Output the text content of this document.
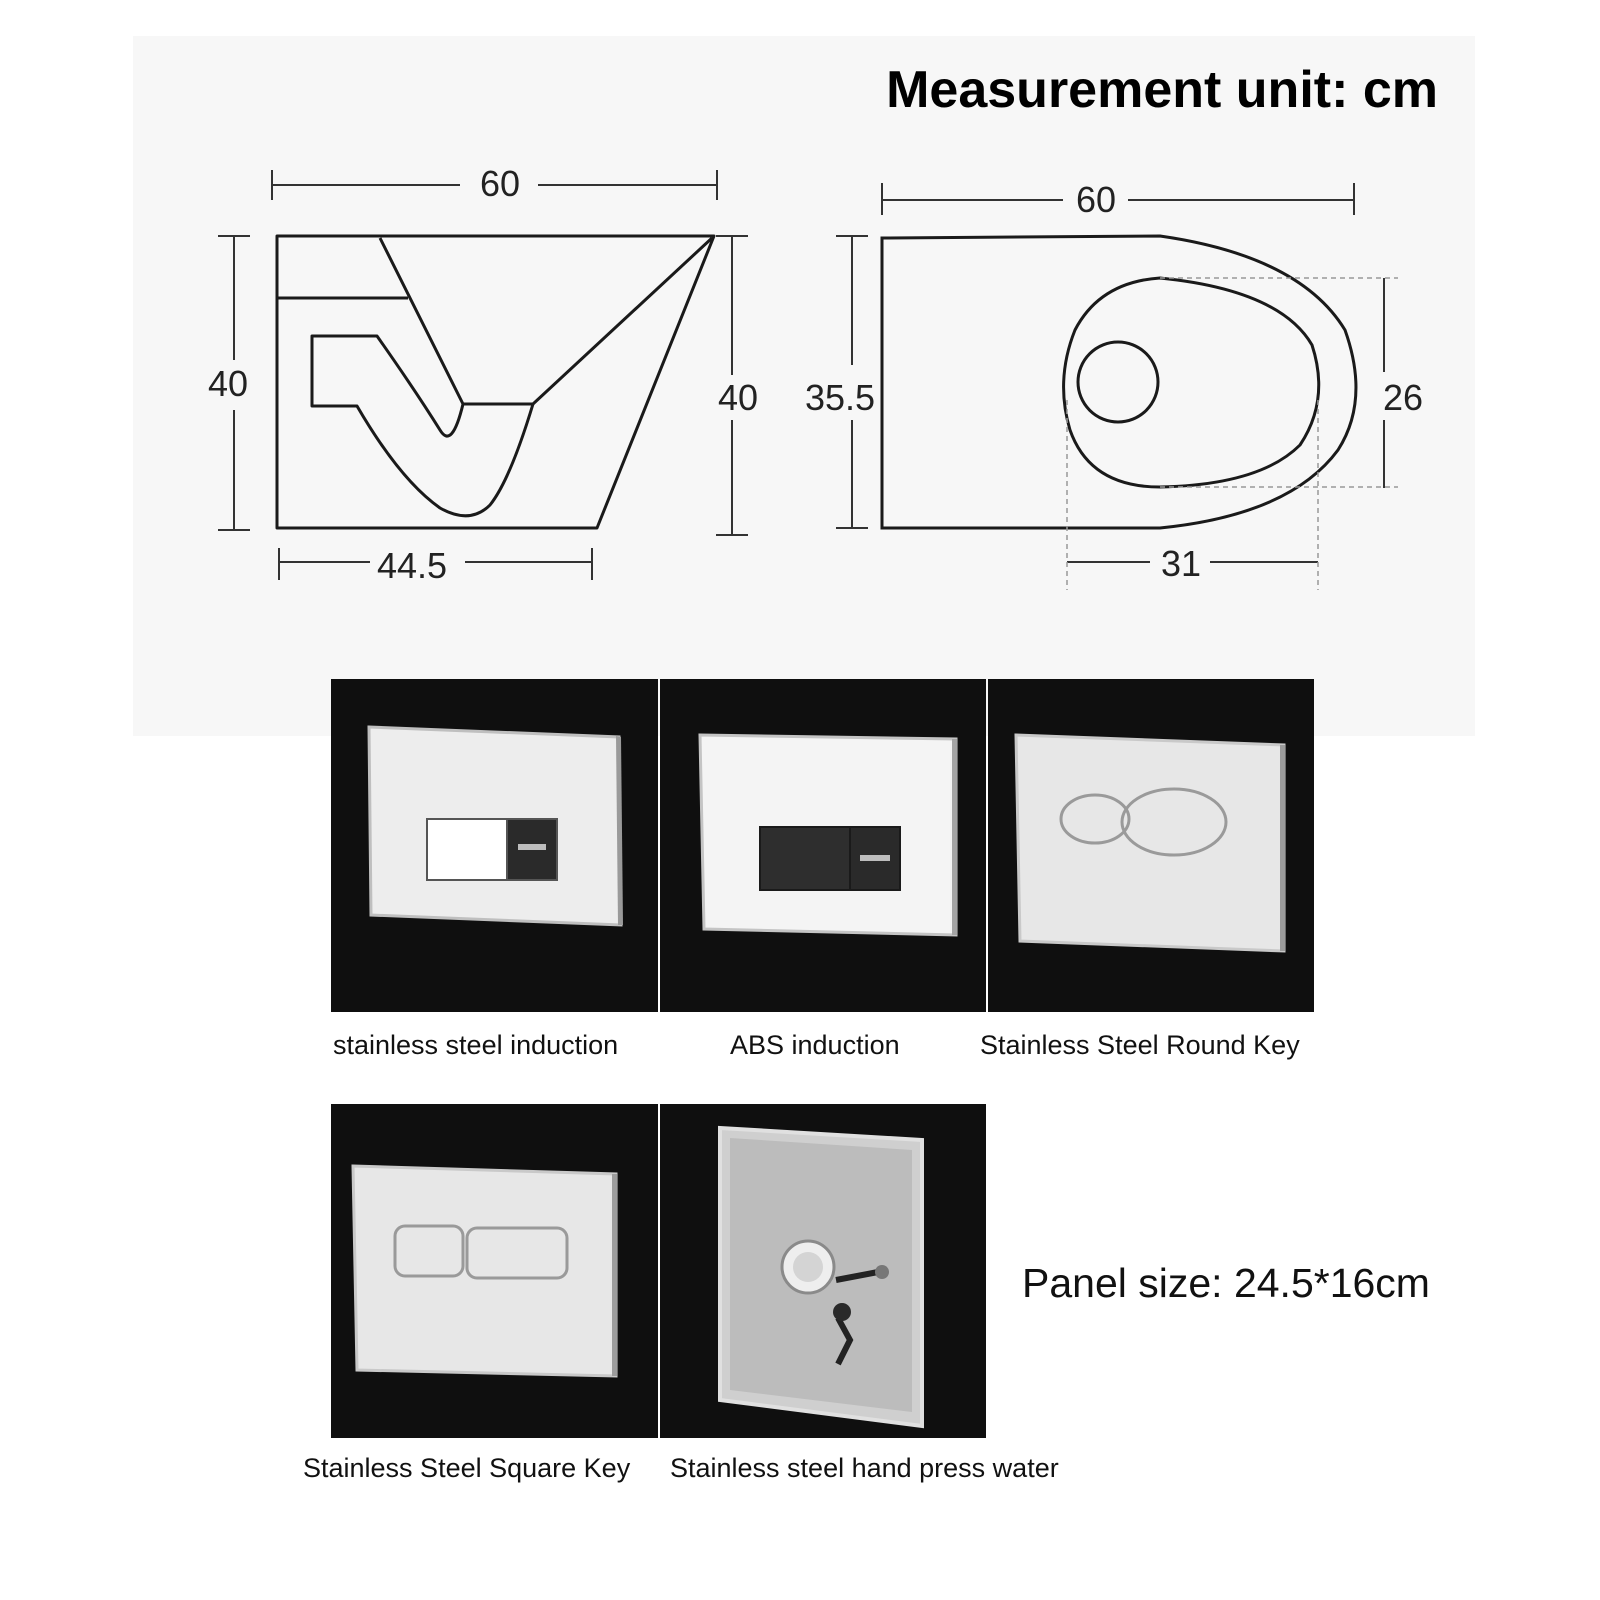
Measurement unit: cm
60
40	40
44.5
60
35.5	26
31
stainless steel induction	ABS induction	Stainless Steel Round Key
Stainless Steel Square Key Stainless steel hand press water
Panel size: 24.5*16cm
